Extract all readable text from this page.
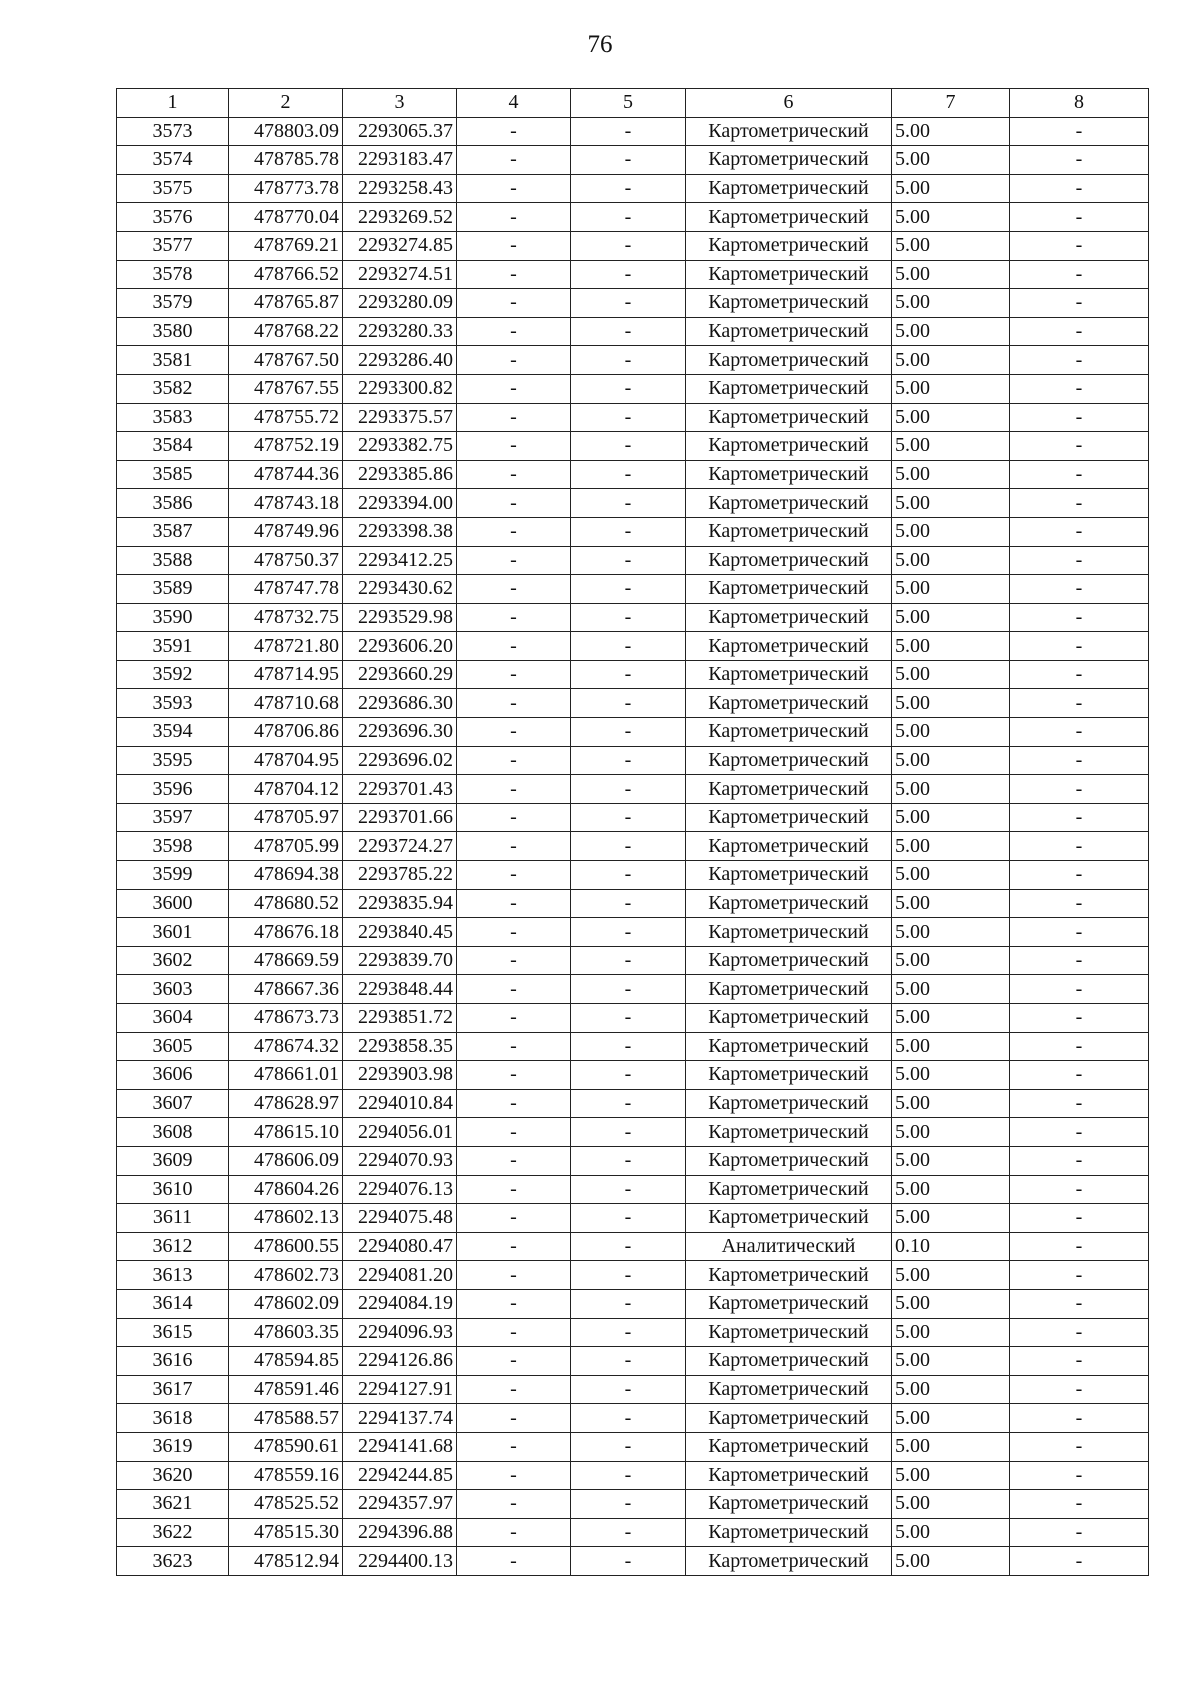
76
1	2	3	4	5	6	7	8
3573	478803.09	2293065.37	-	-	Картометрический	5.00	-
3574	478785.78	2293183.47	-	-	Картометрический	5.00	-
3575	478773.78	2293258.43	-	-	Картометрический	5.00	-
3576	478770.04	2293269.52	-	-	Картометрический	5.00	-
3577	478769.21	2293274.85	-	-	Картометрический	5.00	-
3578	478766.52	2293274.51	-	-	Картометрический	5.00	-
3579	478765.87	2293280.09	-	-	Картометрический	5.00	-
3580	478768.22	2293280.33	-	-	Картометрический	5.00	-
3581	478767.50	2293286.40	-	-	Картометрический	5.00	-
3582	478767.55	2293300.82	-	-	Картометрический	5.00	-
3583	478755.72	2293375.57	-	-	Картометрический	5.00	-
3584	478752.19	2293382.75	-	-	Картометрический	5.00	-
3585	478744.36	2293385.86	-	-	Картометрический	5.00	-
3586	478743.18	2293394.00	-	-	Картометрический	5.00	-
3587	478749.96	2293398.38	-	-	Картометрический	5.00	-
3588	478750.37	2293412.25	-	-	Картометрический	5.00	-
3589	478747.78	2293430.62	-	-	Картометрический	5.00	-
3590	478732.75	2293529.98	-	-	Картометрический	5.00	-
3591	478721.80	2293606.20	-	-	Картометрический	5.00	-
3592	478714.95	2293660.29	-	-	Картометрический	5.00	-
3593	478710.68	2293686.30	-	-	Картометрический	5.00	-
3594	478706.86	2293696.30	-	-	Картометрический	5.00	-
3595	478704.95	2293696.02	-	-	Картометрический	5.00	-
3596	478704.12	2293701.43	-	-	Картометрический	5.00	-
3597	478705.97	2293701.66	-	-	Картометрический	5.00	-
3598	478705.99	2293724.27	-	-	Картометрический	5.00	-
3599	478694.38	2293785.22	-	-	Картометрический	5.00	-
3600	478680.52	2293835.94	-	-	Картометрический	5.00	-
3601	478676.18	2293840.45	-	-	Картометрический	5.00	-
3602	478669.59	2293839.70	-	-	Картометрический	5.00	-
3603	478667.36	2293848.44	-	-	Картометрический	5.00	-
3604	478673.73	2293851.72	-	-	Картометрический	5.00	-
3605	478674.32	2293858.35	-	-	Картометрический	5.00	-
3606	478661.01	2293903.98	-	-	Картометрический	5.00	-
3607	478628.97	2294010.84	-	-	Картометрический	5.00	-
3608	478615.10	2294056.01	-	-	Картометрический	5.00	-
3609	478606.09	2294070.93	-	-	Картометрический	5.00	-
3610	478604.26	2294076.13	-	-	Картометрический	5.00	-
3611	478602.13	2294075.48	-	-	Картометрический	5.00	-
3612	478600.55	2294080.47	-	-	Аналитический	0.10	-
3613	478602.73	2294081.20	-	-	Картометрический	5.00	-
3614	478602.09	2294084.19	-	-	Картометрический	5.00	-
3615	478603.35	2294096.93	-	-	Картометрический	5.00	-
3616	478594.85	2294126.86	-	-	Картометрический	5.00	-
3617	478591.46	2294127.91	-	-	Картометрический	5.00	-
3618	478588.57	2294137.74	-	-	Картометрический	5.00	-
3619	478590.61	2294141.68	-	-	Картометрический	5.00	-
3620	478559.16	2294244.85	-	-	Картометрический	5.00	-
3621	478525.52	2294357.97	-	-	Картометрический	5.00	-
3622	478515.30	2294396.88	-	-	Картометрический	5.00	-
3623	478512.94	2294400.13	-	-	Картометрический	5.00	-
